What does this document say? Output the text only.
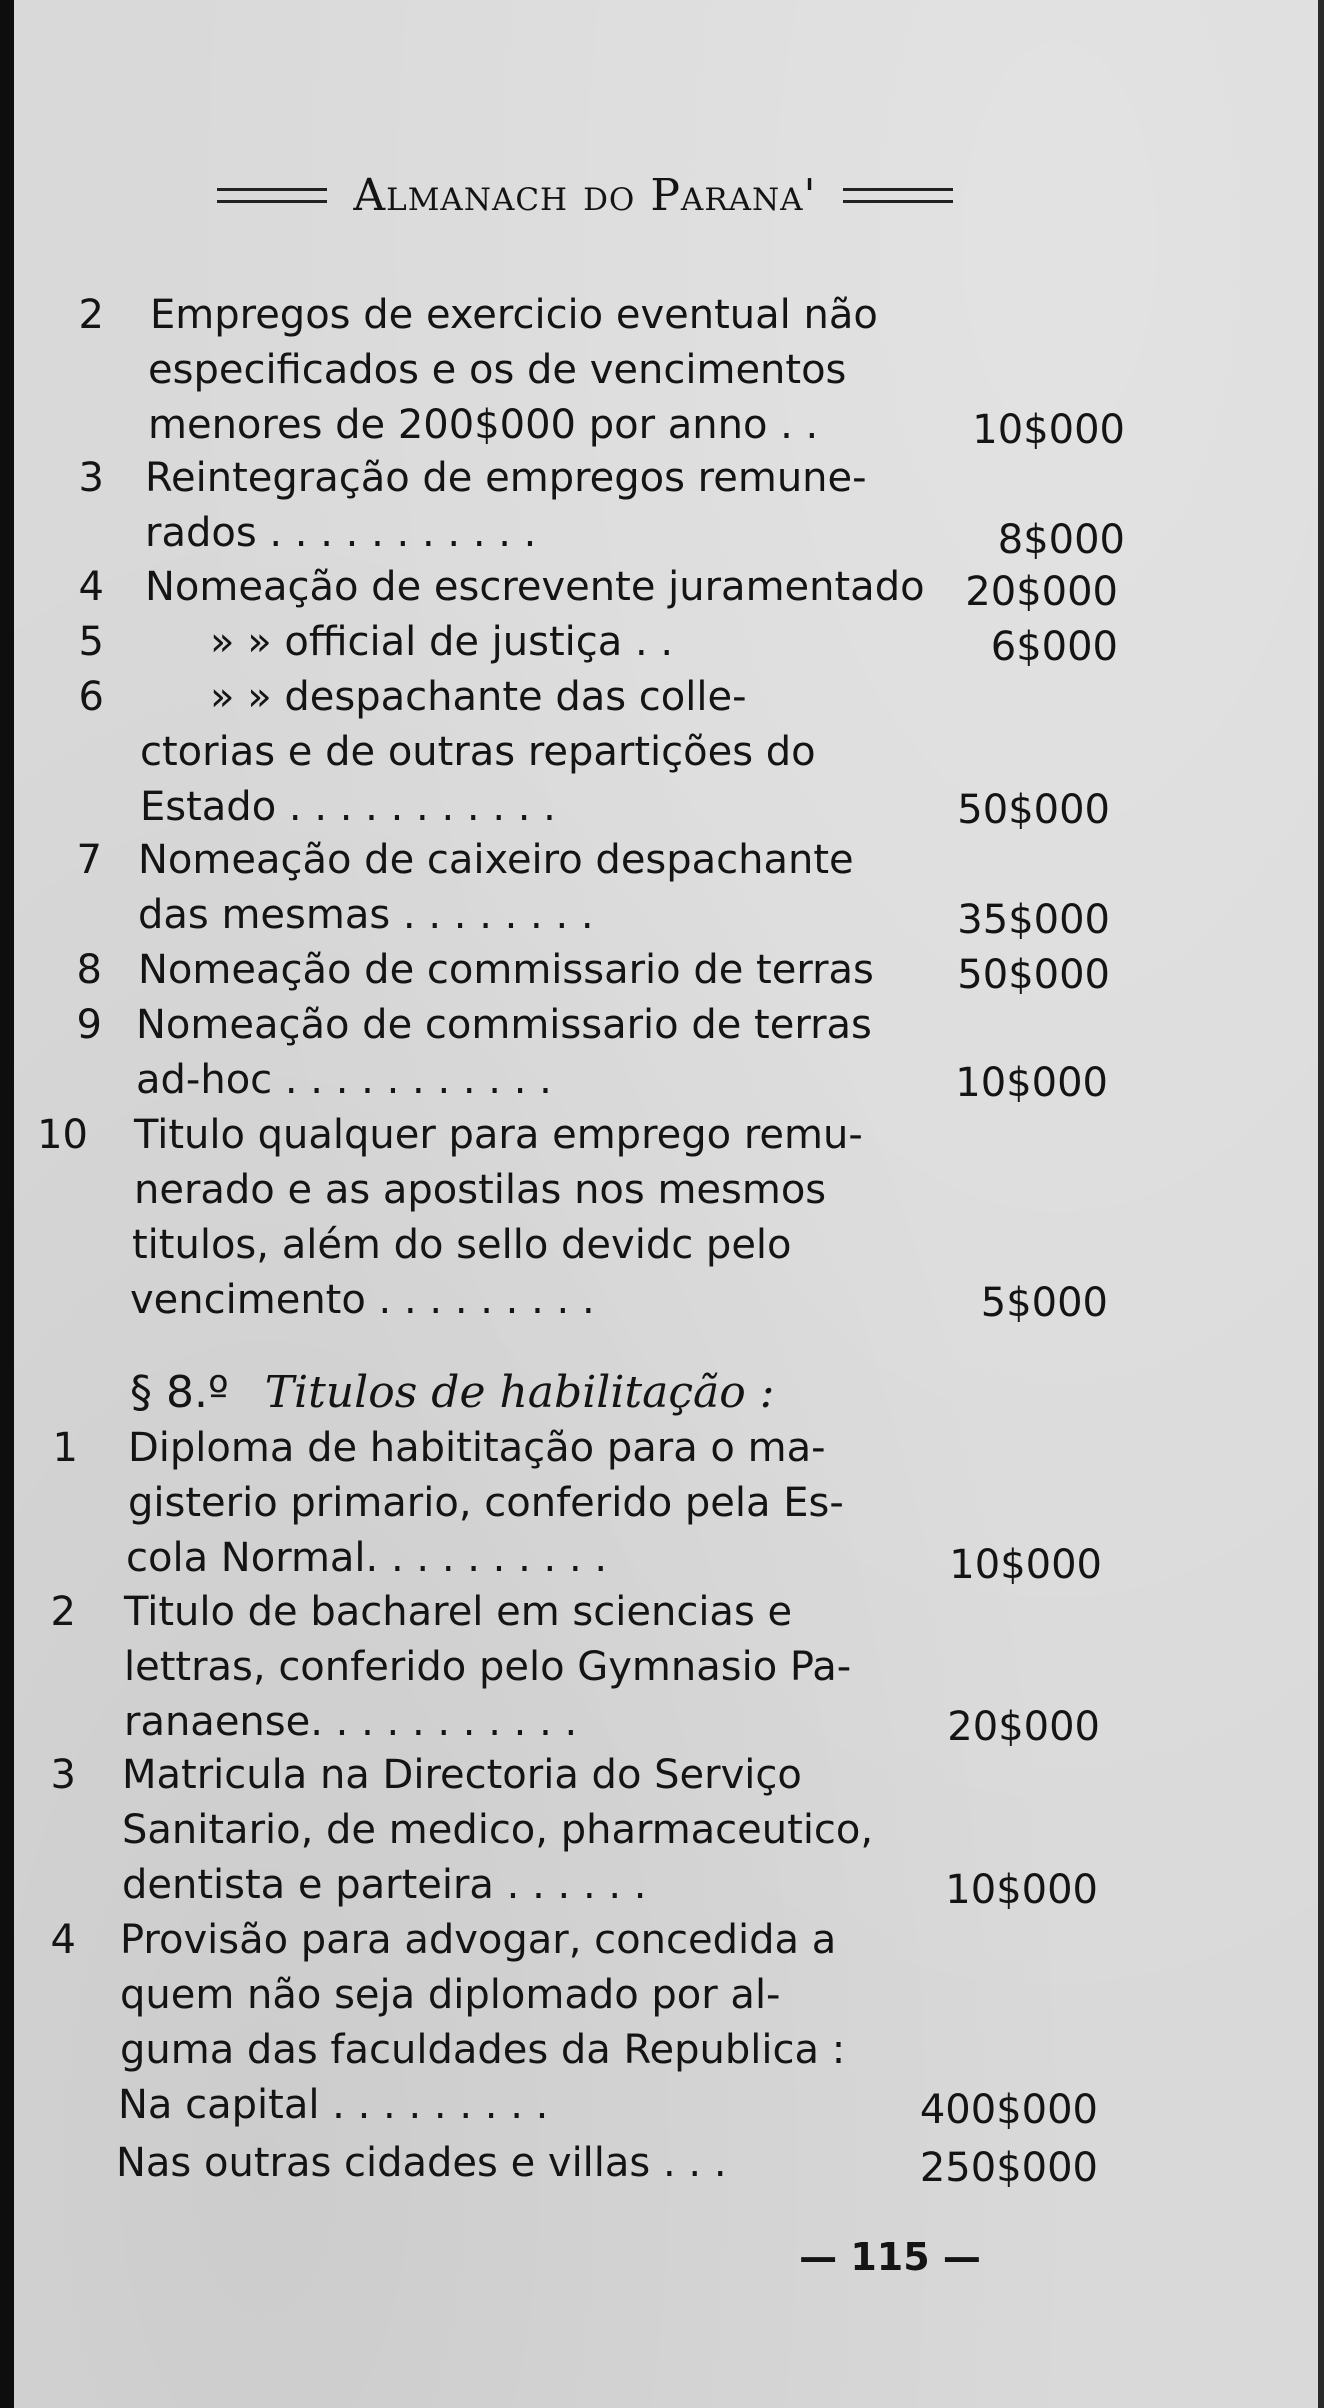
Almanach do Parana'
2 Empregos de exercicio eventual não
especificados e os de vencimentos
menores de 200$000 por anno . .	10$000
3 Reintegração de empregos remune-
rados . . . . . . . . . . .	8$000
4 Nomeação de escrevente juramentado	20$000
5	» » official de justiça . .	6$000
6	» » despachante das colle-
ctorias e de outras repartições do
Estado . . . . . . . . . . .	50$000
7 Nomeação de caixeiro despachante
das mesmas . . . . . . . .	35$000
8 Nomeação de commissario de terras	50$000
9 Nomeação de commissario de terras
ad-hoc . . . . . . . . . . .	10$000
10 Titulo qualquer para emprego remu-
nerado e as apostilas nos mesmos
titulos, além do sello devidc pelo
vencimento . . . . . . . . .	5$000
§ 8.º Titulos de habilitação :
1 Diploma de habititação para o ma-
gisterio primario, conferido pela Es-
cola Normal. . . . . . . . . .	10$000
2 Titulo de bacharel em sciencias e
lettras, conferido pelo Gymnasio Pa-
ranaense. . . . . . . . . . .	20$000
3 Matricula na Directoria do Serviço
Sanitario, de medico, pharmaceutico,
dentista e parteira . . . . . .	10$000
4 Provisão para advogar, concedida a
quem não seja diplomado por al-
guma das faculdades da Republica :
Na capital . . . . . . . . .	400$000
Nas outras cidades e villas . . .	250$000
— 115 —
